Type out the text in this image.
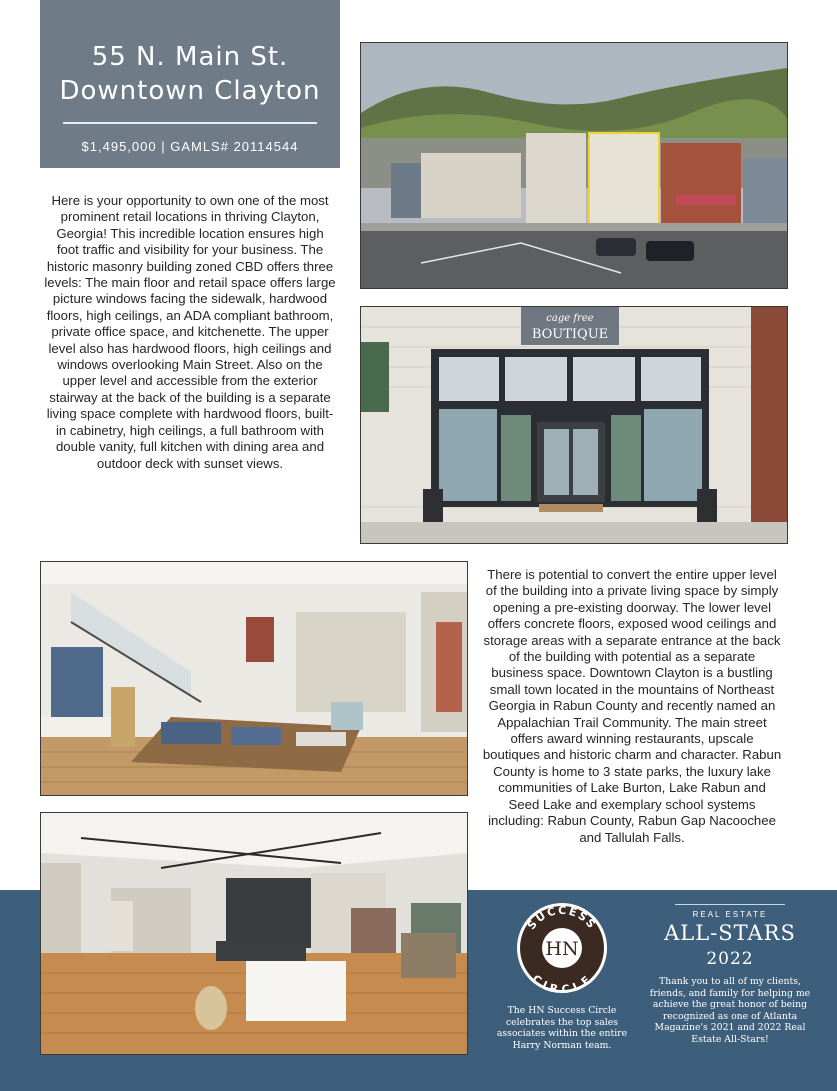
55 N. Main St.
Downtown Clayton
$1,495,000 | GAMLS# 20114544
Here is your opportunity to own one of the most prominent retail locations in thriving Clayton, Georgia! This incredible location ensures high foot traffic and visibility for your business. The historic masonry building zoned CBD offers three levels: The main floor and retail space offers large picture windows facing the sidewalk, hardwood floors, high ceilings, an ADA compliant bathroom, private office space, and kitchenette. The upper level also has hardwood floors, high ceilings and windows overlooking Main Street. Also on the upper level and accessible from the exterior stairway at the back of the building is a separate living space complete with hardwood floors, built-in cabinetry, high ceilings, a full bathroom with double vanity, full kitchen with dining area and outdoor deck with sunset views.
cage free
BOUTIQUE
There is potential to convert the entire upper level of the building into a private living space by simply opening a pre-existing doorway. The lower level offers concrete floors, exposed wood ceilings and storage areas with a separate entrance at the back of the building with potential as a separate business space. Downtown Clayton is a bustling small town located in the mountains of Northeast Georgia in Rabun County and recently named an Appalachian Trail Community. The main street offers award winning restaurants, upscale boutiques and historic charm and character. Rabun County is home to 3 state parks, the luxury lake communities of Lake Burton, Lake Rabun and Seed Lake and exemplary school systems including: Rabun County, Rabun Gap Nacoochee and Tallulah Falls.
SUCCESS
CIRCLE
HN
The HN Success Circle celebrates the top sales associates within the entire Harry Norman team.
REAL ESTATE
ALL-STARS
2022
Thank you to all of my clients, friends, and family for helping me achieve the great honor of being recognized as one of Atlanta Magazine's 2021 and 2022 Real Estate All-Stars!
